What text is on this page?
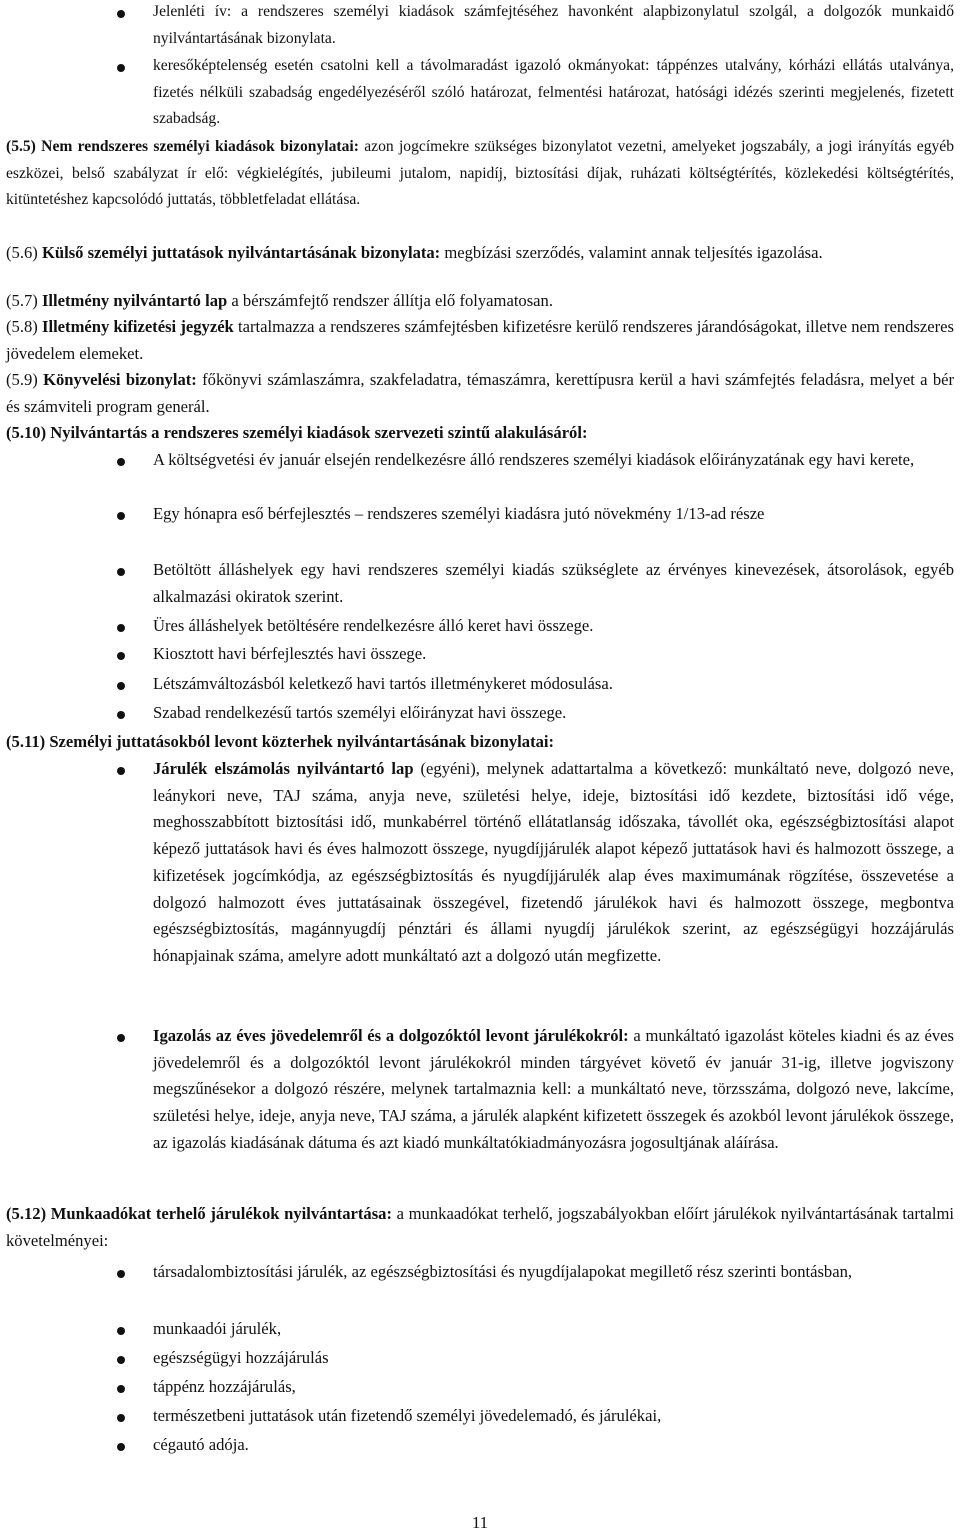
Jelenléti ív: a rendszeres személyi kiadások számfejtéséhez havonként alapbizonylatul szolgál, a dolgozók munkaidő nyilvántartásának bizonylata.
keresőképtelenség esetén csatolni kell a távolmaradást igazoló okmányokat: táppénzes utalvány, kórházi ellátás utalványa, fizetés nélküli szabadság engedélyezéséről szóló határozat, felmentési határozat, hatósági idézés szerinti megjelenés, fizetett szabadság.
(5.5) Nem rendszeres személyi kiadások bizonylatai: azon jogcímekre szükséges bizonylatot vezetni, amelyeket jogszabály, a jogi irányítás egyéb eszközei, belső szabályzat ír elő: végkielégítés, jubileumi jutalom, napidíj, biztosítási díjak, ruházati költségtérítés, közlekedési költségtérítés, kitüntetéshez kapcsolódó juttatás, többletfeladat ellátása.
(5.6) Külső személyi juttatások nyilvántartásának bizonylata: megbízási szerződés, valamint annak teljesítés igazolása.
(5.7) Illetmény nyilvántartó lap a bérszámfejtő rendszer állítja elő folyamatosan.
(5.8) Illetmény kifizetési jegyzék tartalmazza a rendszeres számfejtésben kifizetésre kerülő rendszeres járandóságokat, illetve nem rendszeres jövedelem elemeket.
(5.9) Könyvelési bizonylat: főkönyvi számlaszámra, szakfeladatra, témaszámra, kerettípusra kerül a havi számfejtés feladásra, melyet a bér és számviteli program generál.
(5.10) Nyilvántartás a rendszeres személyi kiadások szervezeti szintű alakulásáról:
A költségvetési év január elsején rendelkezésre álló rendszeres személyi kiadások előirányzatának egy havi kerete,
Egy hónapra eső bérfejlesztés – rendszeres személyi kiadásra jutó növekmény 1/13-ad része
Betöltött álláshelyek egy havi rendszeres személyi kiadás szükséglete az érvényes kinevezések, átsorolások, egyéb alkalmazási okiratok szerint.
Üres álláshelyek betöltésére rendelkezésre álló keret havi összege.
Kiosztott havi bérfejlesztés havi összege.
Létszámváltozásból keletkező havi tartós illetménykeret módosulása.
Szabad rendelkezésű tartós személyi előirányzat havi összege.
(5.11) Személyi juttatásokból levont közterhek nyilvántartásának bizonylatai:
Járulék elszámolás nyilvántartó lap (egyéni), melynek adattartalma a következő: munkáltató neve, dolgozó neve, leánykori neve, TAJ száma, anyja neve, születési helye, ideje, biztosítási idő kezdete, biztosítási idő vége, meghosszabbított biztosítási idő, munkabérrel történő ellátatlanság időszaka, távollét oka, egészségbiztosítási alapot képező juttatások havi és éves halmozott összege, nyugdíjjárulék alapot képező juttatások havi és halmozott összege, a kifizetések jogcímkódja, az egészségbiztosítás és nyugdíjjárulék alap éves maximumának rögzítése, összevetése a dolgozó halmozott éves juttatásainak összegével, fizetendő járulékok havi és halmozott összege, megbontva egészségbiztosítás, magánnyugdíj pénztári és állami nyugdíj járulékok szerint, az egészségügyi hozzájárulás hónapjainak száma, amelyre adott munkáltató azt a dolgozó után megfizette.
Igazolás az éves jövedelemről és a dolgozóktól levont járulékokról: a munkáltató igazolást köteles kiadni és az éves jövedelemről és a dolgozóktól levont járulékokról minden tárgyévet követő év január 31-ig, illetve jogviszony megszűnésekor a dolgozó részére, melynek tartalmaznia kell: a munkáltató neve, törzsszáma, dolgozó neve, lakcíme, születési helye, ideje, anyja neve, TAJ száma, a járulék alapként kifizetett összegek és azokból levont járulékok összege, az igazolás kiadásának dátuma és azt kiadó munkáltatókiadmányozásra jogosultjának aláírása.
(5.12) Munkaadókat terhelő járulékok nyilvántartása: a munkaadókat terhelő, jogszabályokban előírt járulékok nyilvántartásának tartalmi követelményei:
társadalombiztosítási járulék, az egészségbiztosítási és nyugdíjalapokat megillető rész szerinti bontásban,
munkaadói járulék,
egészségügyi hozzájárulás
táppénz hozzájárulás,
természetbeni juttatások után fizetendő személyi jövedelemadó, és járulékai,
cégautó adója.
11
